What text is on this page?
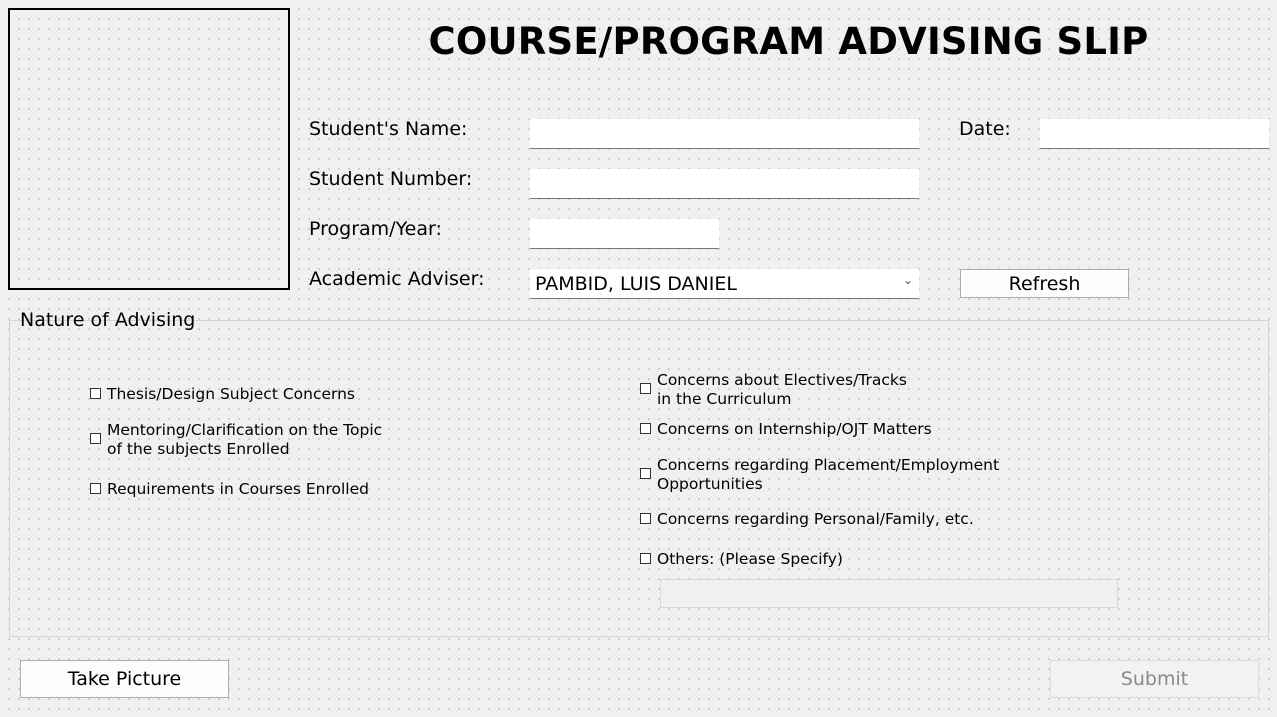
COURSE/PROGRAM ADVISING SLIP
Student's Name:	Date:
Student Number:
Program/Year:
Academic Adviser:	PAMBID, LUIS DANIEL	⌄	Refresh
Nature of Advising
Thesis/Design Subject Concerns
Mentoring/Clarification on the Topic
of the subjects Enrolled
Requirements in Courses Enrolled
Concerns about Electives/Tracks
in the Curriculum
Concerns on Internship/OJT Matters
Concerns regarding Placement/Employment
Opportunities
Concerns regarding Personal/Family, etc.
Others: (Please Specify)
Take Picture	Submit
